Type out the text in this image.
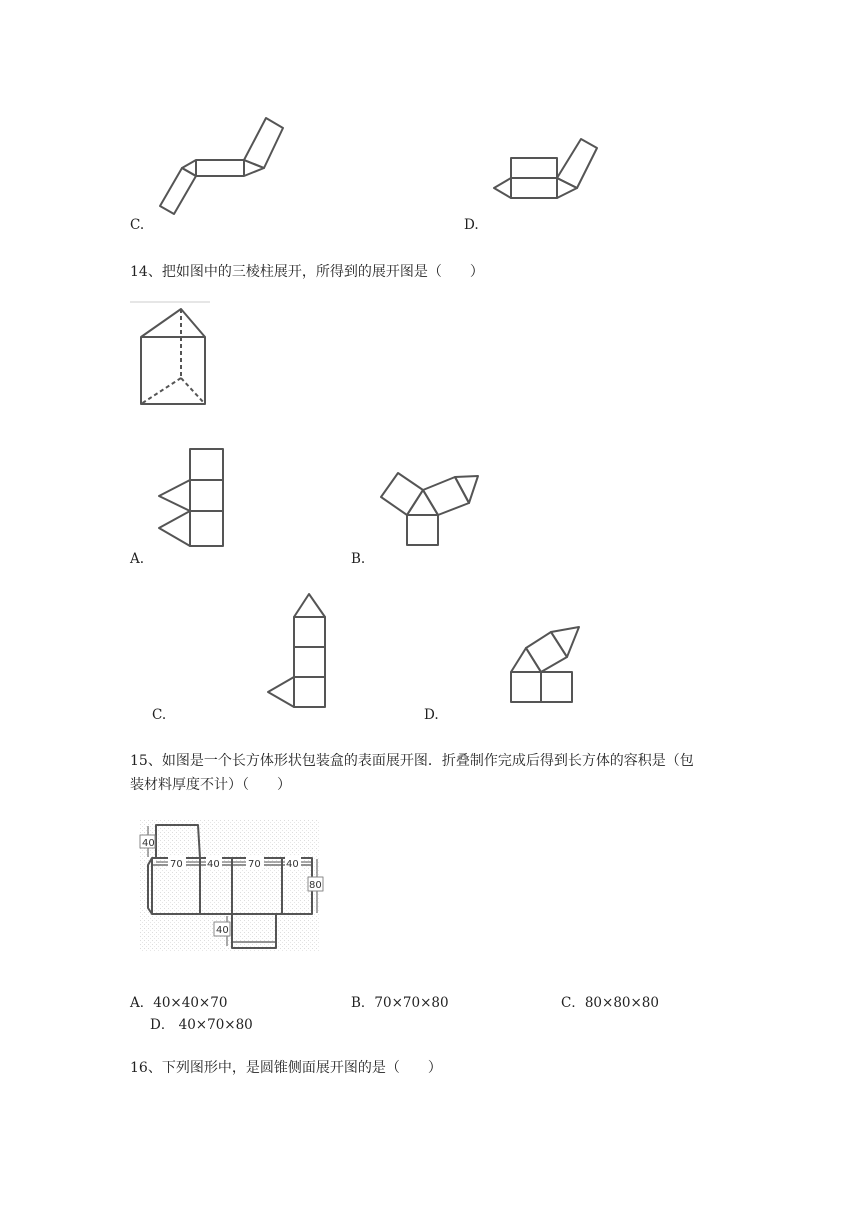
C.	D.
14、把如图中的三棱柱展开，所得到的展开图是（　　）
A.	B.
C.	D.
15、如图是一个长方体形状包装盒的表面展开图．折叠制作完成后得到长方体的容积是（包
装材料厚度不计）（　　）
40
70 40	70	40
80
40
A．40×40×70	B．70×70×80	C．80×80×80
D． 40×70×80
16、下列图形中，是圆锥侧面展开图的是（　　）
